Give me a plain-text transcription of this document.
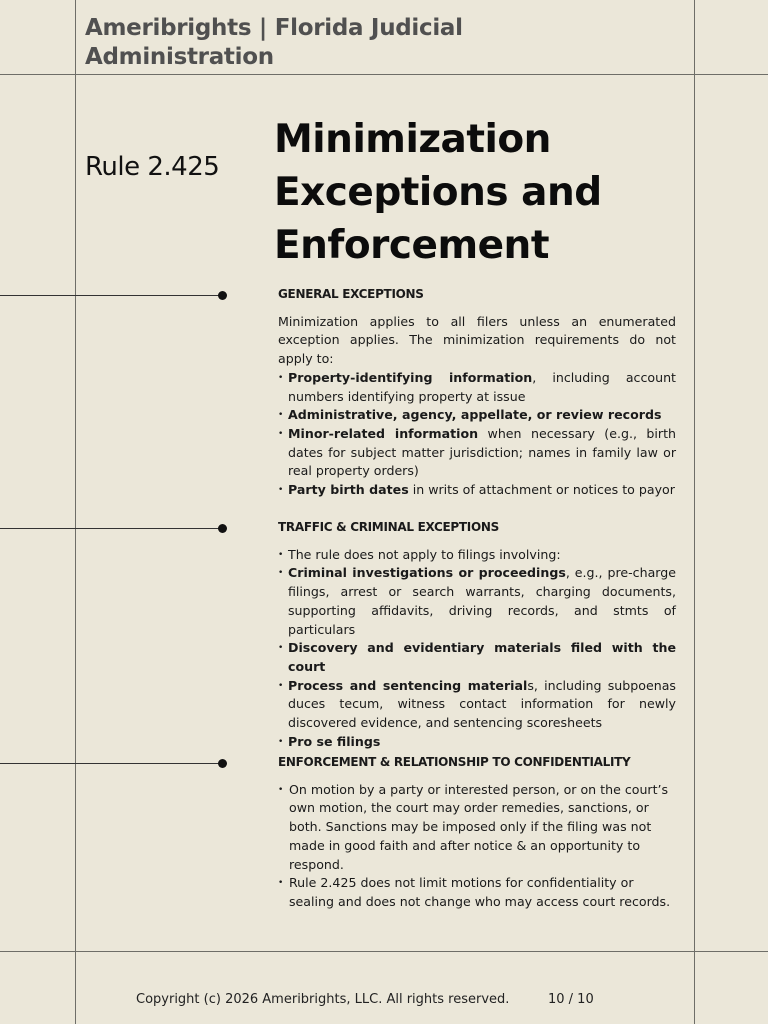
Ameribrights | Florida Judicial Administration
Rule 2.425
Minimization Exceptions and Enforcement
GENERAL EXCEPTIONS

Minimization applies to all filers unless an enumerated exception applies. The minimization requirements do not apply to:

• Property-identifying information, including account numbers identifying property at issue
• Administrative, agency, appellate, or review records
• Minor-related information when necessary (e.g., birth dates for subject matter jurisdiction; names in family law or real property orders)
• Party birth dates in writs of attachment or notices to payor
TRAFFIC & CRIMINAL EXCEPTIONS
• The rule does not apply to filings involving:
• Criminal investigations or proceedings, e.g., pre-charge filings, arrest or search warrants, charging documents, supporting affidavits, driving records, and stmts of particulars
• Discovery and evidentiary materials filed with the court
• Process and sentencing materials, including subpoenas duces tecum, witness contact information for newly discovered evidence, and sentencing scoresheets
• Pro se filings
ENFORCEMENT & RELATIONSHIP TO CONFIDENTIALITY
• On motion by a party or interested person, or on the court’s own motion, the court may order remedies, sanctions, or both. Sanctions may be imposed only if the filing was not made in good faith and after notice & an opportunity to respond.
• Rule 2.425 does not limit motions for confidentiality or sealing and does not change who may access court records.
Copyright (c) 2026 Ameribrights, LLC. All rights reserved.	10 / 10
